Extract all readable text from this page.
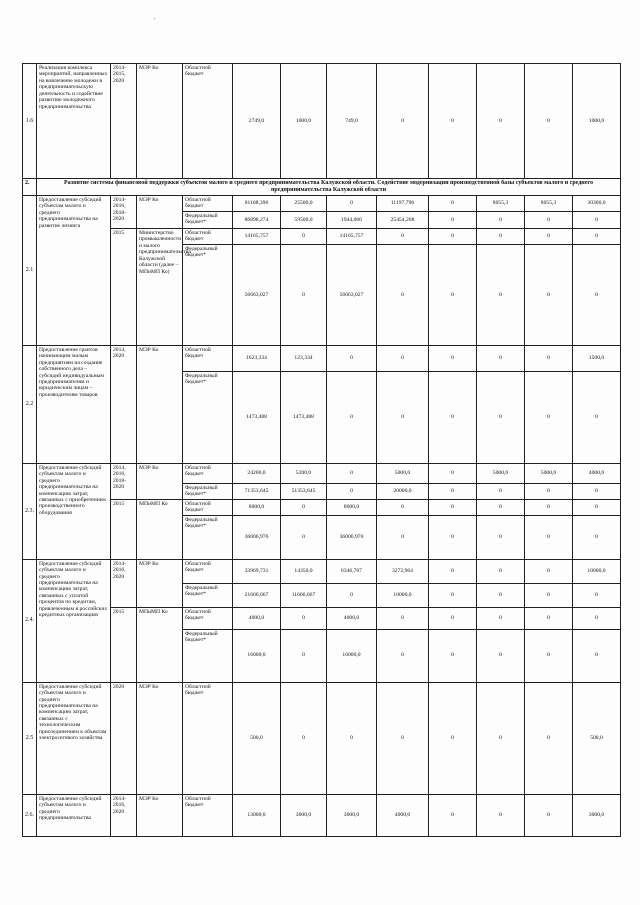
'
1.6	Реализация комплекса мероприятий, направленных на вовлечение молодежи в предпринимательскую деятельность и содействие развитию молодежного предпринимательства	2014-2015, 2020	МЭР Ко	Областной бюджет	2749,0	1000,0	749,0	0	0	0	0	1000,0
2.	Развитие системы финансовой поддержки субъектов малого и среднего предпринимательства Калужской области. Содействие модернизации производственной базы субъектов малого и среднего предпринимательства Калужской области											
2.1	Предоставление субсидий субъектам малого и среднего предпринимательства на развитие лизинга	2014-2016, 2018-2020	МЭР Ко	Областной бюджет	81108,396	25500,0	0	11197,796	0	8055,3	8055,3	30300,0
				Федеральный бюджет*	86898,274	59500,0	1944,066	25454,208	0	0	0	0
		2015	Министерство промышленности и малого предпринимательства Калужской области (далее – МПиМП Ко)	Областной бюджет	14165,757	0	14165,757	0	0	0	0	0
				Федеральный бюджет*	56663,027	0	56663,027	0	0	0	0	0
2.2	Предоставление грантов начинающим малым предприятиям на создание собственного дела – субсидий индивидуальным предпринимателям и юридическим лицам – производителям товаров	2014, 2020	МЭР Ко	Областной бюджет	1623,334	123,334	0	0	0	0	0	1500,0
				Федеральный бюджет*	1473,488	1473,488	0	0	0	0	0	0
2.3.	Предоставление субсидий субъектам малого и среднего предпринимательства на компенсацию затрат, связанных с приобретением производственного оборудования	2014, 2016, 2018-2020	МЭР Ко	Областной бюджет	24200,0	5200,0	0	5000,0	0	5000,0	5000,0	4000,0
				Федеральный бюджет*	71353,645	51353,645	0	20000,0	0	0	0	0
		2015	МПиМП Ко	Областной бюджет	8000,0	0	8000,0	0	0	0	0	0
				Федеральный бюджет*	36006,976	0	36006,976	0	0	0	0	0
2.4.	Предоставление субсидий субъектам малого и среднего предпринимательства на компенсацию затрат, связанных с уплатой процентов по кредитам, привлеченным в российских кредитных организациях	2014-2016, 2020	МЭР Ко	Областной бюджет	33969,731	14350,0	6346,767	3272,964	0	0	0	10000,0
				Федеральный бюджет*	21666,667	11666,667	0	10000,0	0	0	0	0
		2015	МПиМП Ко	Областной бюджет	4000,0	0	4000,0	0	0	0	0	0
				Федеральный бюджет*	16000,0	0	16000,0	0	0	0	0	0
2.5	Предоставление субсидий субъектам малого и среднего предпринимательства на компенсацию затрат, связанных с технологическим присоединением к объектам электросетевого хозяйства	2020	МЭР Ко	Областной бюджет	500,0	0	0	0	0	0	0	500,0
2.6.	Предоставление субсидий субъектам малого и среднего предпринимательства	2014-2016, 2020	МЭР Ко	Областной бюджет	13000,0	3000,0	3000,0	4000,0	0	0	0	3000,0
